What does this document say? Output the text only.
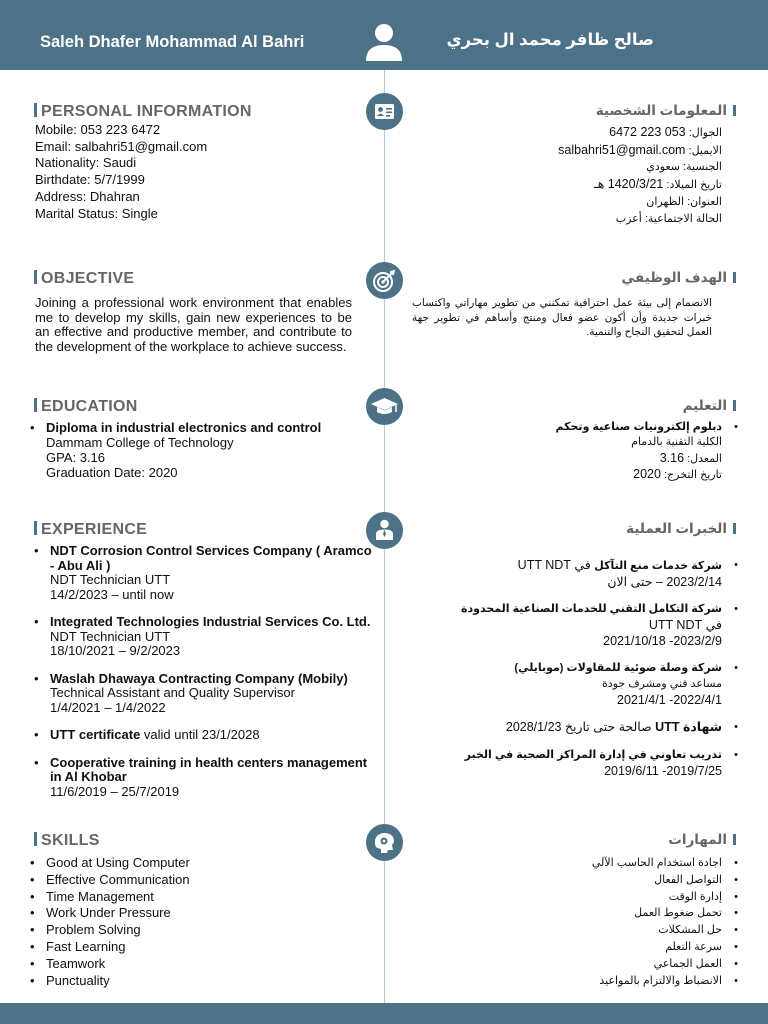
Saleh Dhafer Mohammad Al Bahri	صالح ظافر محمد ال بحري
PERSONAL INFORMATION	المعلومات الشخصية
Mobile: 053 223 6472
Email: salbahri51@gmail.com
Nationality: Saudi
Birthdate: 5/7/1999
Address: Dhahran
Marital Status: Single
الجوال: 053 223 6472
الايميل: salbahri51@gmail.com
الجنسية: سعودي
تاريخ الميلاد: 1420/3/21 هـ
العنوان: الظهران
الحالة الاجتماعية: أعزب
OBJECTIVE	الهدف الوظيفي
Joining a professional work environment that enables me to develop my skills, gain new experiences to be an effective and productive member, and contribute to the development of the workplace to achieve success.
الانضمام إلى بيئة عمل احترافية تمكنني من تطوير مهاراتي واكتساب خبرات جديدة وأن أكون عضو فعال ومنتج وأساهم في تطوير جهة العمل لتحقيق النجاح والتنمية.
EDUCATION	التعليم
• Diploma in industrial electronics and control
Dammam College of Technology
GPA: 3.16
Graduation Date: 2020
• دبلوم إلكترونيات صناعية وتحكم
الكلية التقنية بالدمام
المعدل: 3.16
تاريخ التخرج: 2020
EXPERIENCE	الخبرات العملية
• NDT Corrosion Control Services Company ( Aramco - Abu Ali )
NDT Technician UTT
14/2/2023 – until now
• Integrated Technologies Industrial Services Co. Ltd. NDT Technician UTT
18/10/2021 – 9/2/2023
• Waslah Dhawaya Contracting Company (Mobily)
Technical Assistant and Quality Supervisor
1/4/2021 – 1/4/2022
• UTT certificate valid until 23/1/2028
• Cooperative training in health centers management in Al Khobar
11/6/2019 – 25/7/2019
• شركة خدمات منع التآكل في UTT NDT
2023/2/14 – حتى الان
• شركة التكامل التقني للخدمات الصناعية المحدودة
في UTT NDT
2023/2/9- 2021/10/18
• شركة وصلة ضوئية للمقاولات (موبايلي)
مساعد فني ومشرف جودة
2022/4/1- 2021/4/1
• شهادة UTT صالحة حتى تاريخ 2028/1/23
• تدريب تعاوني في إدارة المراكز الصحية في الخبر
2019/7/25- 2019/6/11
SKILLS	المهارات
• Good at Using Computer
• Effective Communication
• Time Management
• Work Under Pressure
• Problem Solving
• Fast Learning
• Teamwork
• Punctuality
• اجادة استخدام الحاسب الآلي
• التواصل الفعال
• إدارة الوقت
• تحمل ضغوط العمل
• حل المشكلات
• سرعة التعلم
• العمل الجماعي
• الانضباط والالتزام بالمواعيد
